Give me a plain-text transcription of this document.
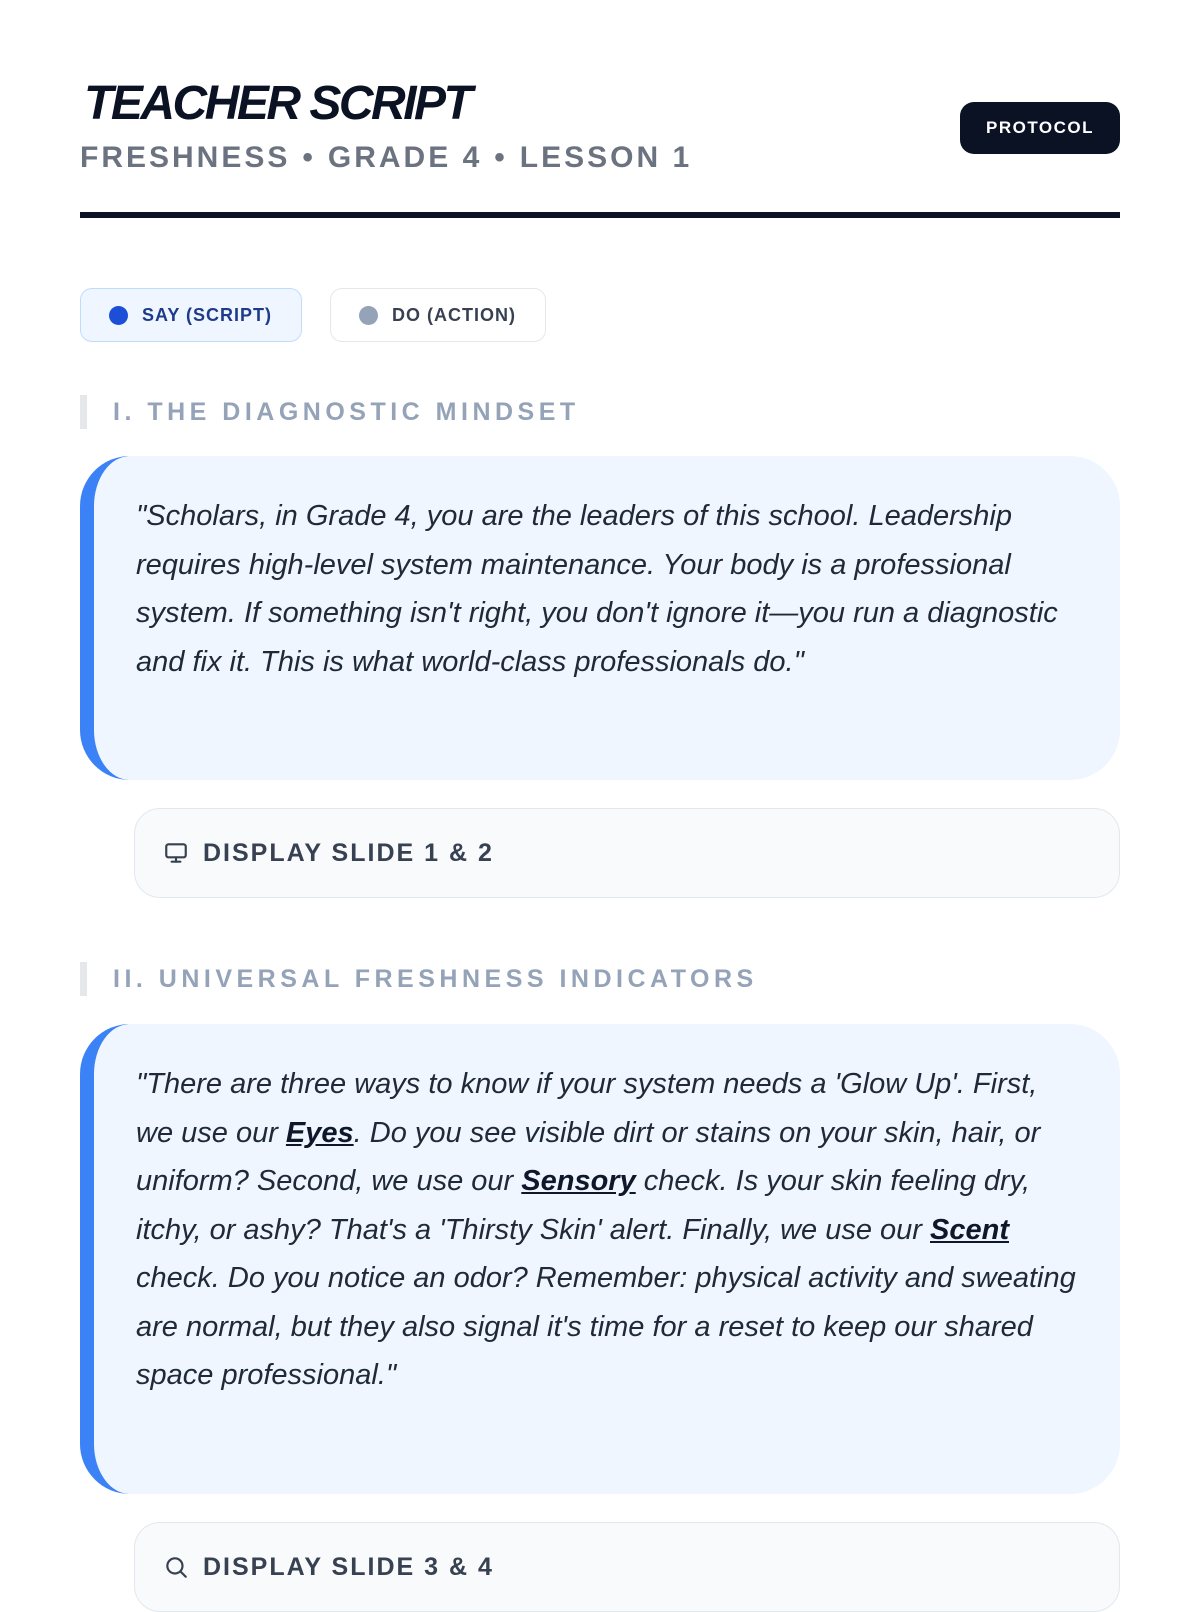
TEACHER SCRIPT
FRESHNESS • GRADE 4 • LESSON 1
PROTOCOL
SAY (SCRIPT)	DO (ACTION)
I. THE DIAGNOSTIC MINDSET

"Scholars, in Grade 4, you are the leaders of this school. Leadership requires high-level system maintenance. Your body is a professional system. If something isn't right, you don't ignore it—you run a diagnostic and fix it. This is what world-class professionals do."

DISPLAY SLIDE 1 & 2
II. UNIVERSAL FRESHNESS INDICATORS

"There are three ways to know if your system needs a 'Glow Up'. First, we use our Eyes. Do you see visible dirt or stains on your skin, hair, or uniform? Second, we use our Sensory check. Is your skin feeling dry, itchy, or ashy? That's a 'Thirsty Skin' alert. Finally, we use our Scent check. Do you notice an odor? Remember: physical activity and sweating are normal, but they also signal it's time for a reset to keep our shared space professional."

DISPLAY SLIDE 3 & 4
